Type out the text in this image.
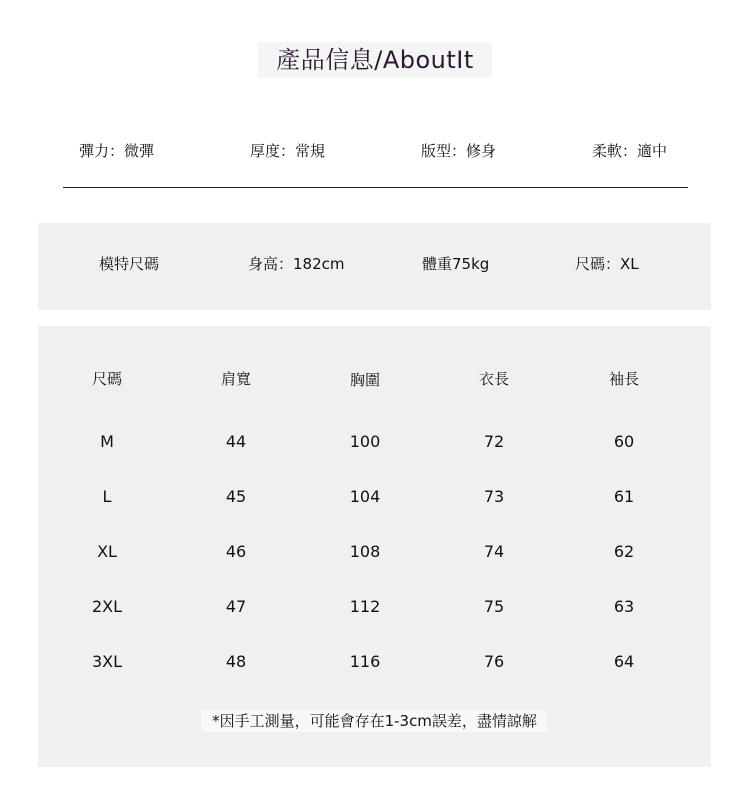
產品信息/AboutIt
彈力：微彈	厚度：常規	版型：修身	柔軟：適中
模特尺碼	身高：182cm	體重75kg	尺碼：XL
尺碼	肩寬	胸圍	衣長	袖長
M	44	100	72	60
L	45	104	73	61
XL	46	108	74	62
2XL	47	112	75	63
3XL	48	116	76	64
*因手工測量，可能會存在1-3cm誤差，盡情諒解
